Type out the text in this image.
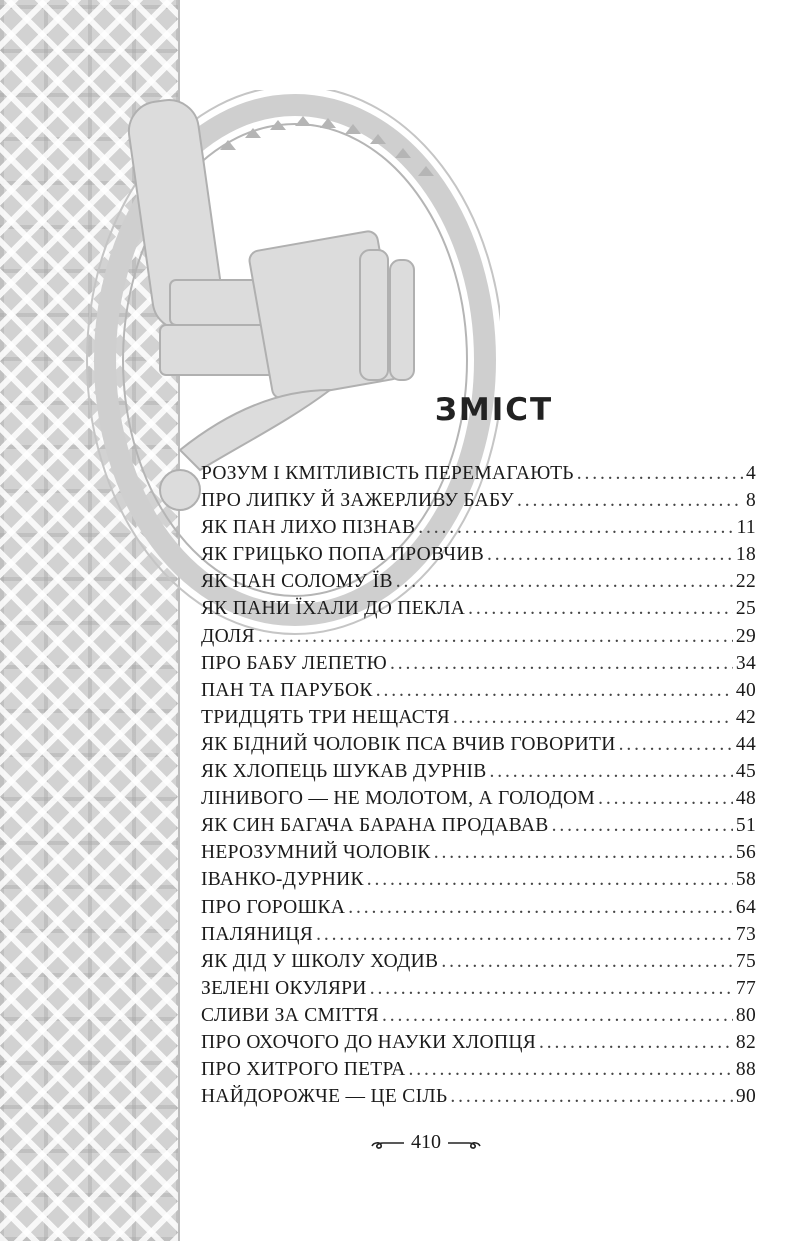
ЗМІСТ
РОЗУМ І КМІТЛИВІСТЬ ПЕРЕМАГАЮТЬ . . .	4
ПРО ЛИПКУ Й ЗАЖЕРЛИВУ БАБУ . . .	8
ЯК ПАН ЛИХО ПІЗНАВ . . .	11
ЯК ГРИЦЬКО ПОПА ПРОВЧИВ . . .	18
ЯК ПАН СОЛОМУ ЇВ . . .	22
ЯК ПАНИ ЇХАЛИ ДО ПЕКЛА . . .	25
ДОЛЯ . . .	29
ПРО БАБУ ЛЕПЕТЮ . . .	34
ПАН ТА ПАРУБОК . . .	40
ТРИДЦЯТЬ ТРИ НЕЩАСТЯ . . .	42
ЯК БІДНИЙ ЧОЛОВІК ПСА ВЧИВ ГОВОРИТИ . . .	44
ЯК ХЛОПЕЦЬ ШУКАВ ДУРНІВ . . .	45
ЛІНИВОГО — НЕ МОЛОТОМ, А ГОЛОДОМ . . .	48
ЯК СИН БАГАЧА БАРАНА ПРОДАВАВ . . .	51
НЕРОЗУМНИЙ ЧОЛОВІК . . .	56
ІВАНКО-ДУРНИК . . .	58
ПРО ГОРОШКА . . .	64
ПАЛЯНИЦЯ . . .	73
ЯК ДІД У ШКОЛУ ХОДИВ . . .	75
ЗЕЛЕНІ ОКУЛЯРИ . . .	77
СЛИВИ ЗА СМІТТЯ . . .	80
ПРО ОХОЧОГО ДО НАУКИ ХЛОПЦЯ . . .	82
ПРО ХИТРОГО ПЕТРА . . .	88
НАЙДОРОЖЧЕ — ЦЕ СІЛЬ . . .	90
410
